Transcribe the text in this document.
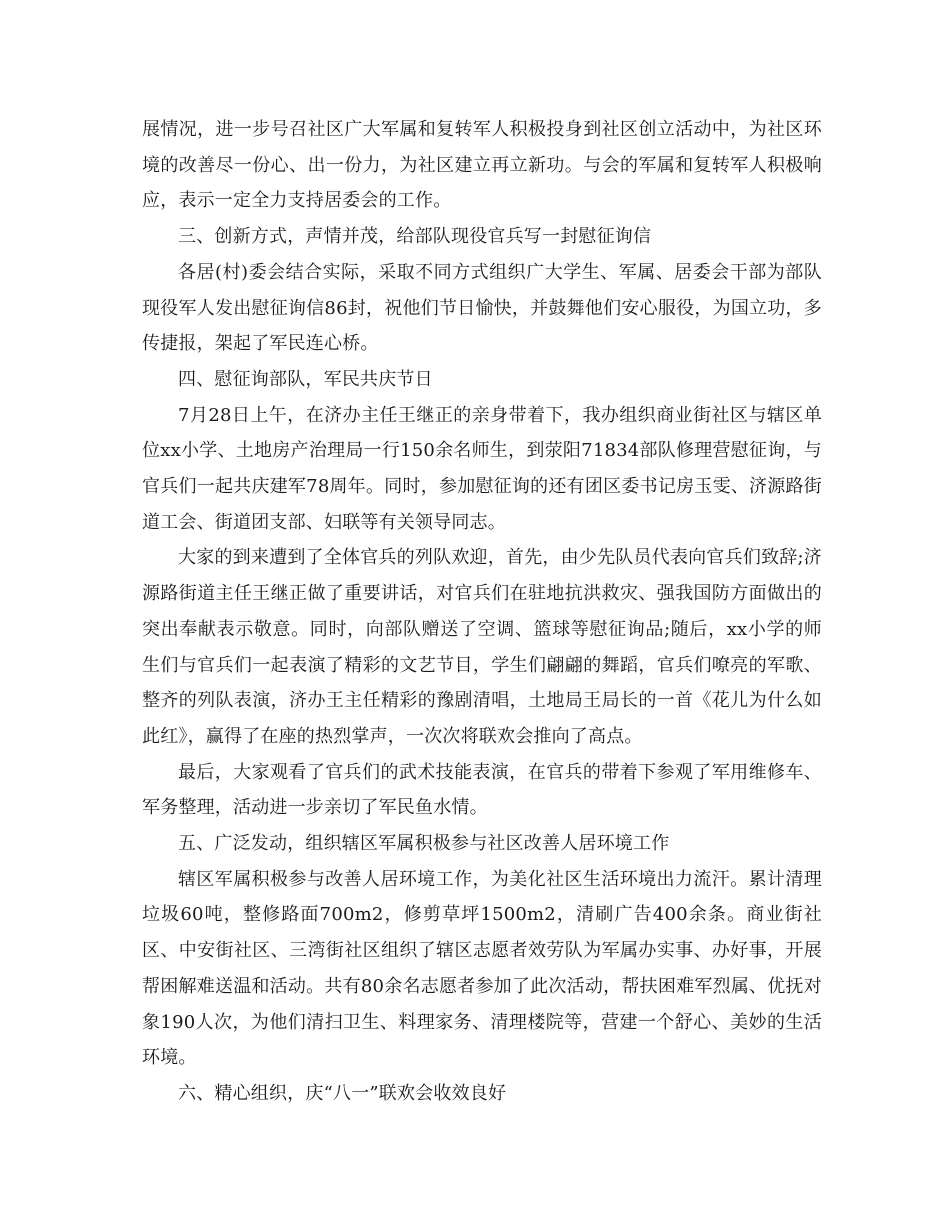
展情况，进一步号召社区广大军属和复转军人积极投身到社区创立活动中，为社区环境的改善尽一份心、出一份力，为社区建立再立新功。与会的军属和复转军人积极响应，表示一定全力支持居委会的工作。

三、创新方式，声情并茂，给部队现役官兵写一封慰征询信

各居(村)委会结合实际，采取不同方式组织广大学生、军属、居委会干部为部队现役军人发出慰征询信86封，祝他们节日愉快，并鼓舞他们安心服役，为国立功，多传捷报，架起了军民连心桥。

四、慰征询部队，军民共庆节日

7月28日上午，在济办主任王继正的亲身带着下，我办组织商业街社区与辖区单位xx小学、土地房产治理局一行150余名师生，到荥阳71834部队修理营慰征询，与官兵们一起共庆建军78周年。同时，参加慰征询的还有团区委书记房玉雯、济源路街道工会、街道团支部、妇联等有关领导同志。

大家的到来遭到了全体官兵的列队欢迎，首先，由少先队员代表向官兵们致辞;济源路街道主任王继正做了重要讲话，对官兵们在驻地抗洪救灾、强我国防方面做出的突出奉献表示敬意。同时，向部队赠送了空调、篮球等慰征询品;随后，xx小学的师生们与官兵们一起表演了精彩的文艺节目，学生们翩翩的舞蹈，官兵们嘹亮的军歌、整齐的列队表演，济办王主任精彩的豫剧清唱，土地局王局长的一首《花儿为什么如此红》，赢得了在座的热烈掌声，一次次将联欢会推向了高点。

最后，大家观看了官兵们的武术技能表演，在官兵的带着下参观了军用维修车、军务整理，活动进一步亲切了军民鱼水情。

五、广泛发动，组织辖区军属积极参与社区改善人居环境工作

辖区军属积极参与改善人居环境工作，为美化社区生活环境出力流汗。累计清理垃圾60吨，整修路面700m2，修剪草坪1500m2，清刷广告400余条。商业街社区、中安街社区、三湾街社区组织了辖区志愿者效劳队为军属办实事、办好事，开展帮困解难送温和活动。共有80余名志愿者参加了此次活动，帮扶困难军烈属、优抚对象190人次，为他们清扫卫生、料理家务、清理楼院等，营建一个舒心、美妙的生活环境。

六、精心组织，庆“八一”联欢会收效良好
